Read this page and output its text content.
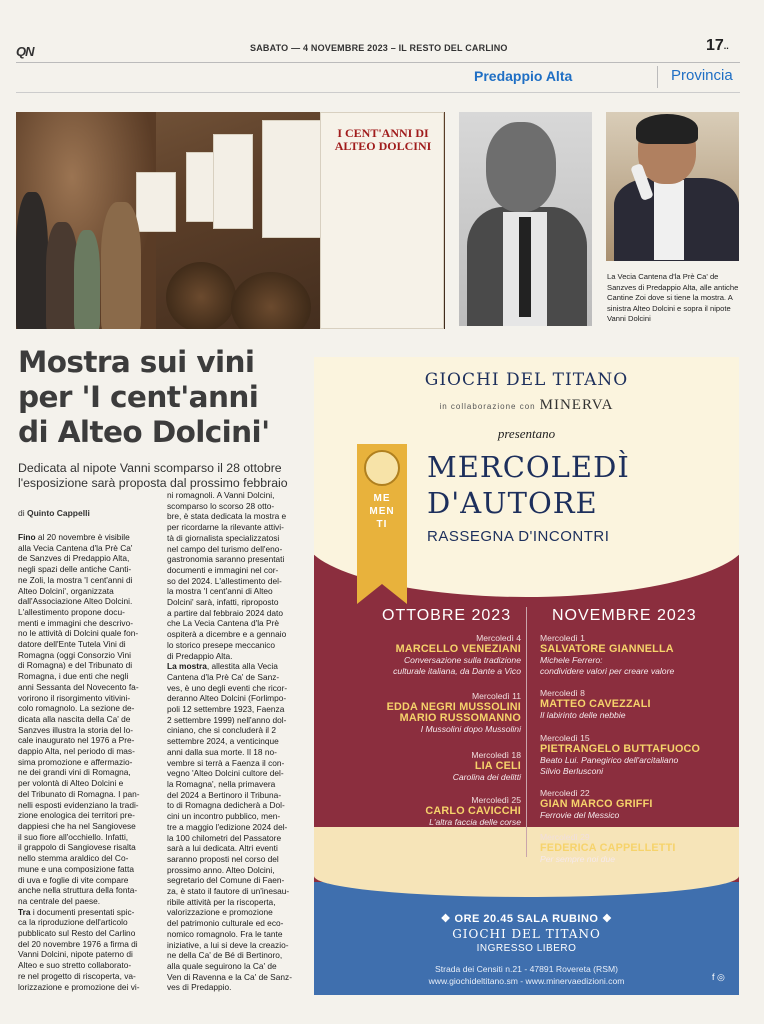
QN	SABATO — 4 NOVEMBRE 2023 – IL RESTO DEL CARLINO	17..
Predappio Alta	Provincia
I CENT'ANNI DI ALTEO DOLCINI
La Vecia Cantena d'la Prè Ca' de Sanzves di Predappio Alta, alle antiche Cantine Zoi dove si tiene la mostra. A sinistra Alteo Dolcini e sopra il nipote Vanni Dolcini
Mostra sui vini
per 'I cent'anni
di Alteo Dolcini'
Dedicata al nipote Vanni scomparso il 28 ottobre
l'esposizione sarà proposta dal prossimo febbraio
di Quinto Cappelli

Fino al 20 novembre è visibile

alla Vecia Cantena d'la Prè Ca'

de Sanzves di Predappio Alta,

negli spazi delle antiche Canti-

ne Zoli, la mostra 'I cent'anni di

Alteo Dolcini', organizzata

dall'Associazione Alteo Dolcini.

L'allestimento propone docu-

menti e immagini che descrivo-

no le attività di Dolcini quale fon-

datore dell'Ente Tutela Vini di

Romagna (oggi Consorzio Vini

di Romagna) e del Tribunato di

Romagna, i due enti che negli

anni Sessanta del Novecento fa-

vorirono il risorgimento vitivini-

colo romagnolo. La sezione de-

dicata alla nascita della Ca' de

Sanzves illustra la storia del lo-

cale inaugurato nel 1976 a Pre-

dappio Alta, nel periodo di mas-

sima promozione e affermazio-

ne dei grandi vini di Romagna,

per volontà di Alteo Dolcini e

del Tribunato di Romagna. I pan-

nelli esposti evidenziano la tradi-

zione enologica dei territori pre-

dappiesi che ha nel Sangiovese

il suo fiore all'occhiello. Infatti,

il grappolo di Sangiovese risalta

nello stemma araldico del Co-

mune e una composizione fatta

di uva e foglie di vite compare

anche nella struttura della fonta-

na centrale del paese.

Tra i documenti presentati spic-

ca la riproduzione dell'articolo

pubblicato sul Resto del Carlino

del 20 novembre 1976 a firma di

Vanni Dolcini, nipote paterno di

Alteo e suo stretto collaborato-

re nel progetto di riscoperta, va-

lorizzazione e promozione dei vi-

ni romagnoli. A Vanni Dolcini,

scomparso lo scorso 28 otto-

bre, è stata dedicata la mostra e

per ricordarne la rilevante attivi-

tà di giornalista specializzatosi

nel campo del turismo dell'eno-

gastronomia saranno presentati

documenti e immagini nel cor-

so del 2024. L'allestimento del-

la mostra 'I cent'anni di Alteo

Dolcini' sarà, infatti, riproposto

a partire dal febbraio 2024 dato

che La Vecia Cantena d'la Prè

ospiterà a dicembre e a gennaio

lo storico presepe meccanico

di Predappio Alta.

La mostra, allestita alla Vecia

Cantena d'la Prè Ca' de Sanz-

ves, è uno degli eventi che ricor-

deranno Alteo Dolcini (Forlimpo-

poli 12 settembre 1923, Faenza

2 settembre 1999) nell'anno dol-

ciniano, che si concluderà il 2

settembre 2024, a venticinque

anni dalla sua morte. Il 18 no-

vembre si terrà a Faenza il con-

vegno 'Alteo Dolcini cultore del-

la Romagna', nella primavera

del 2024 a Bertinoro il Tribuna-

to di Romagna dedicherà a Dol-

cini un incontro pubblico, men-

tre a maggio l'edizione 2024 del-

la 100 chilometri del Passatore

sarà a lui dedicata. Altri eventi

saranno proposti nel corso del

prossimo anno. Alteo Dolcini,

segretario del Comune di Faen-

za, è stato il fautore di un'inesau-

ribile attività per la riscoperta,

valorizzazione e promozione

del patrimonio culturale ed eco-

nomico romagnolo. Fra le tante

iniziative, a lui si deve la creazio-

ne della Ca' de Bé di Bertinoro,

alla quale seguirono la Ca' de

Ven di Ravenna e la Ca' de Sanz-

ves di Predappio.

GIOCHI DEL TITANO
in collaborazione con MINERVA
presentano
ME
MEN
TI
MERCOLEDÌ
D'AUTORE
RASSEGNA D'INCONTRI
OTTOBRE 2023	NOVEMBRE 2023
Mercoledì 4
MARCELLO VENEZIANI
Conversazione sulla tradizione
culturale italiana, da Dante a Vico
Mercoledì 11
EDDA NEGRI MUSSOLINI
MARIO RUSSOMANNO
I Mussolini dopo Mussolini
Mercoledì 18
LIA CELI
Carolina dei delitti
Mercoledì 25
CARLO CAVICCHI
L'altra faccia delle corse
Mercoledì 1
SALVATORE GIANNELLA
Michele Ferrero:
condividere valori per creare valore
Mercoledì 8
MATTEO CAVEZZALI
Il labirinto delle nebbie
Mercoledì 15
PIETRANGELO BUTTAFUOCO
Beato Lui. Panegirico dell'arcitaliano
Silvio Berlusconi
Mercoledì 22
GIAN MARCO GRIFFI
Ferrovie del Messico
Mercoledì 29
FEDERICA CAPPELLETTI
Per sempre noi due
❖ ORE 20.45 SALA RUBINO ❖
GIOCHI DEL TITANO
INGRESSO LIBERO
Strada dei Censiti n.21 - 47891 Rovereta (RSM)
www.giochideltitano.sm - www.minervaedizioni.com	f ◎
